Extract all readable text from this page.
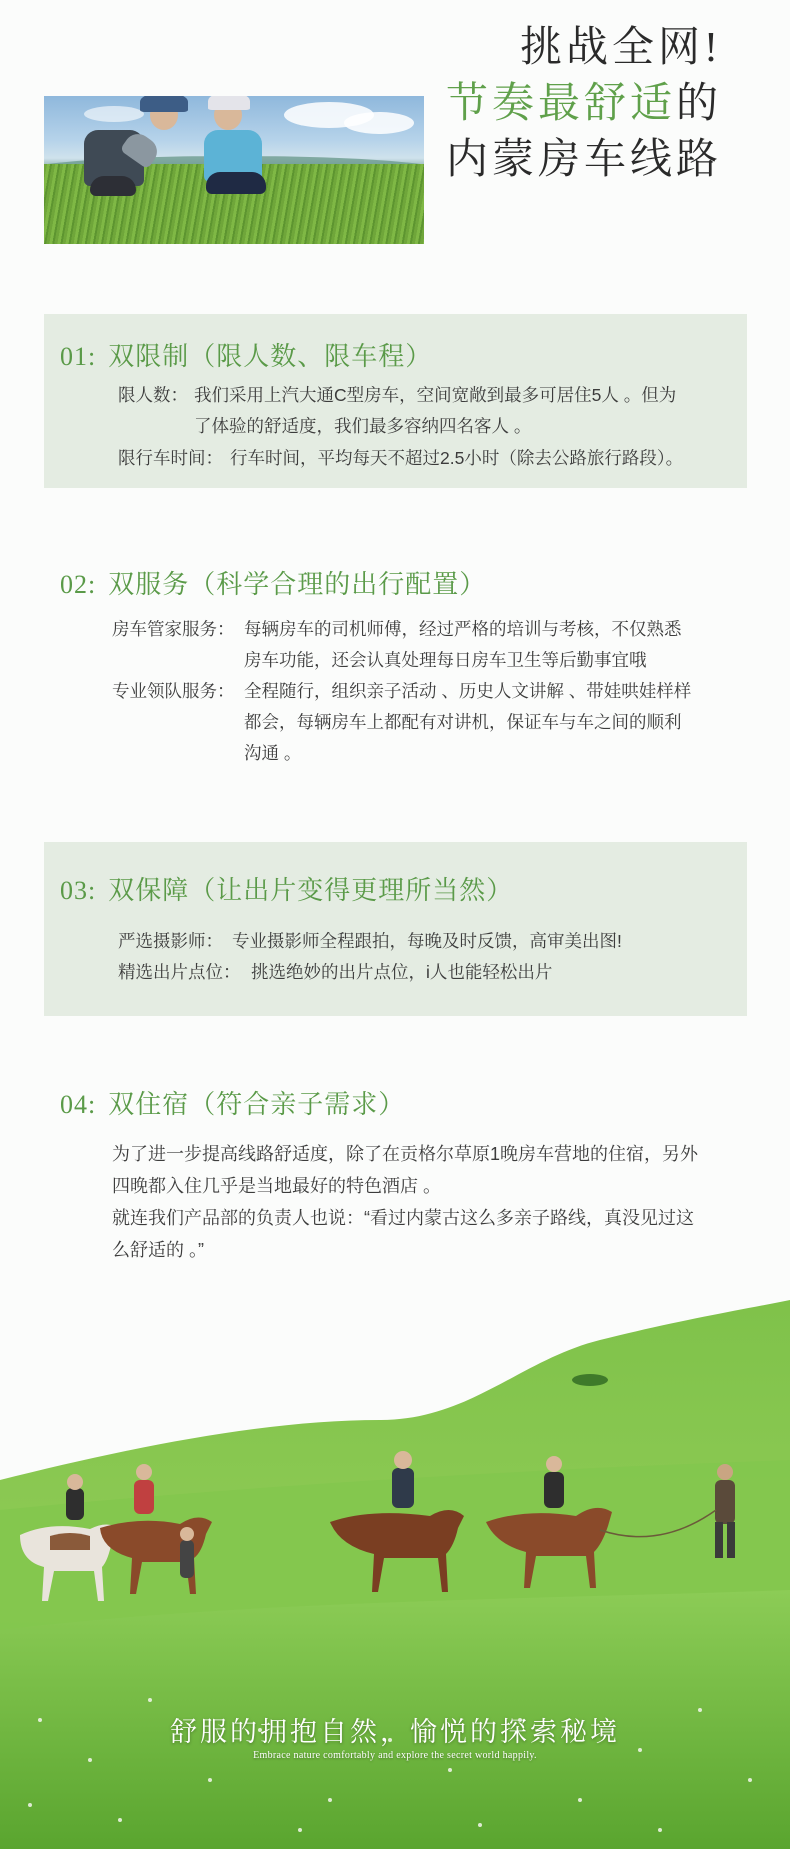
挑战全网!
节奏最舒适的
内蒙房车线路
01: 双限制（限人数、限车程）
限人数： 我们采用上汽大通C型房车，空间宽敞到最多可居住5人 。但为
了体验的舒适度，我们最多容纳四名客人 。
限行车时间： 行车时间，平均每天不超过2.5小时（除去公路旅行路段）。
02: 双服务（科学合理的出行配置）
房车管家服务： 每辆房车的司机师傅，经过严格的培训与考核，不仅熟悉
房车功能，还会认真处理每日房车卫生等后勤事宜哦
专业领队服务： 全程随行，组织亲子活动 、历史人文讲解 、带娃哄娃样样
都会，每辆房车上都配有对讲机，保证车与车之间的顺利
沟通 。
03: 双保障（让出片变得更理所当然）
严选摄影师： 专业摄影师全程跟拍，每晚及时反馈，高审美出图!
精选出片点位： 挑选绝妙的出片点位，i人也能轻松出片
04: 双住宿（符合亲子需求）
为了进一步提高线路舒适度，除了在贡格尔草原1晚房车营地的住宿，另外
四晚都入住几乎是当地最好的特色酒店 。
就连我们产品部的负责人也说：“看过内蒙古这么多亲子路线，真没见过这
么舒适的 。”
舒服的拥抱自然，愉悦的探索秘境
Embrace nature comfortably and explore the secret world happily.
